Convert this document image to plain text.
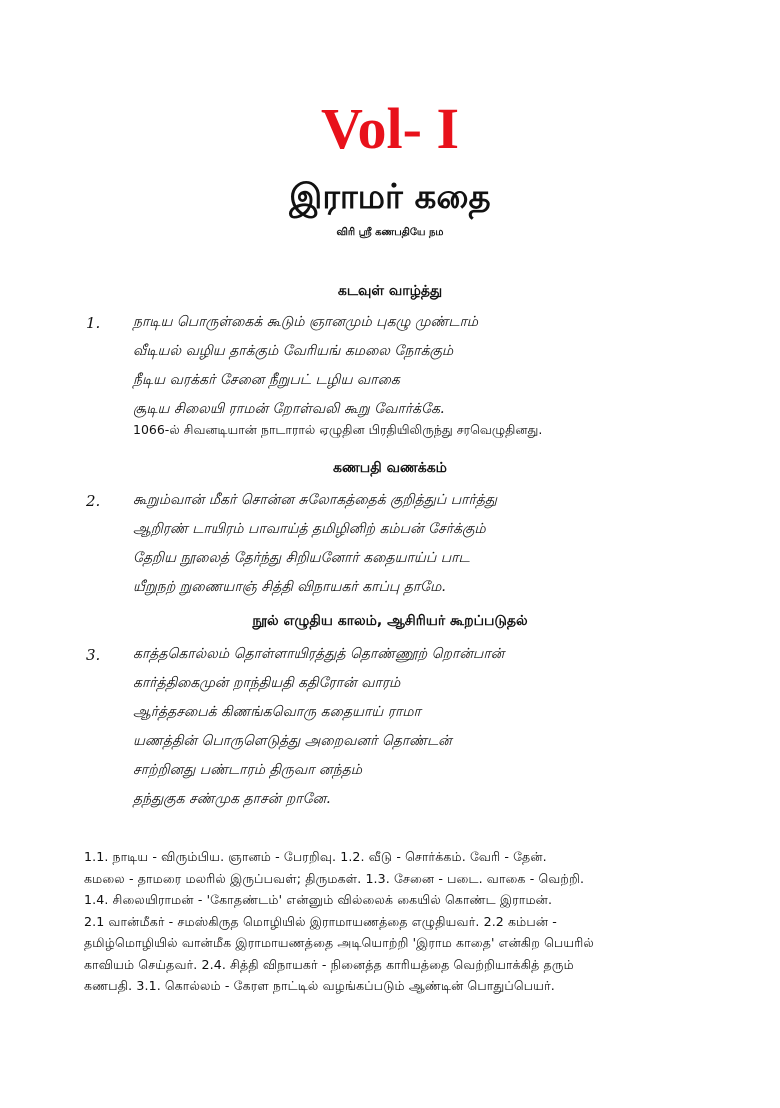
Vol- I
இராமர் கதை
விரி ஸ்ரீ கணபதியே நம
கடவுள் வாழ்த்து
1. நாடிய பொருள்கைக் கூடும் ஞானமும் புகழு முண்டாம்
வீடியல் வழிய தாக்கும் வேரியங் கமலை நோக்கும்
நீடிய வரக்கர் சேனை நீறுபட் டழிய வாகை
சூடிய சிலையி ராமன் றோள்வலி கூறு வோர்க்கே.
1066-ல் சிவனடியான் நாடாரால் ஏழுதின பிரதியிலிருந்து சரவெழுதினது.
கணபதி வணக்கம்
2. கூறும்வான் மீகர் சொன்ன சுலோகத்தைக் குறித்துப் பார்த்து
ஆறிரண் டாயிரம் பாவாய்த் தமிழினிற் கம்பன் சேர்க்கும்
தேறிய நூலைத் தேர்ந்து சிறியனோர் கதையாய்ப் பாட
யீறுநற் றுணையாஞ் சித்தி விநாயகர் காப்பு தாமே.
நூல் எழுதிய காலம், ஆசிரியர் கூறப்படுதல்
3. காத்தகொல்லம் தொள்ளாயிரத்துத் தொண்ணூற் றொன்பான்
கார்த்திகைமுன் றாந்தியதி கதிரோன் வாரம்
ஆர்த்தசபைக் கிணங்கவொரு கதையாய் ராமா
யணத்தின் பொருளெடுத்து அறைவனர் தொண்டன்
சாற்றினது பண்டாரம் திருவா னந்தம்
தந்துகுக சண்முக தாசன் றானே.
1.1. நாடிய - விரும்பிய. ஞானம் - பேரறிவு. 1.2. வீடு - சொர்க்கம். வேரி - தேன்.
கமலை - தாமரை மலரில் இருப்பவள்; திருமகள். 1.3. சேனை - படை. வாகை - வெற்றி.
1.4. சிலையிராமன் - 'கோதண்டம்' என்னும் வில்லைக் கையில் கொண்ட இராமன்.
2.1 வான்மீகர் - சமஸ்கிருத மொழியில் இராமாயணத்தை எழுதியவர். 2.2 கம்பன் -
தமிழ்மொழியில் வான்மீக இராமாயணத்தை அடியொற்றி 'இராம காதை' என்கிற பெயரில்
காவியம் செய்தவர். 2.4. சித்தி விநாயகர் - நினைத்த காரியத்தை வெற்றியாக்கித் தரும்
கணபதி. 3.1. கொல்லம் - கேரள நாட்டில் வழங்கப்படும் ஆண்டின் பொதுப்பெயர்.
